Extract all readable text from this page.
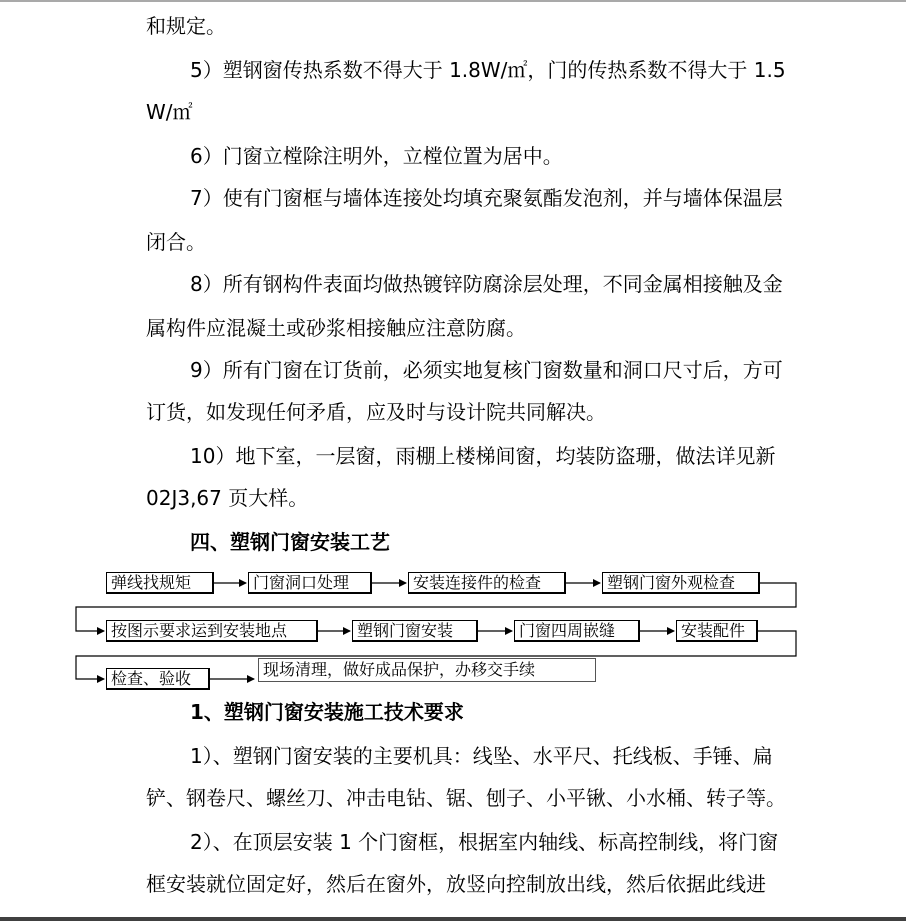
和规定。
5）塑钢窗传热系数不得大于 1.8W/㎡，门的传热系数不得大于 1.5
W/㎡
6）门窗立樘除注明外，立樘位置为居中。
7）使有门窗框与墙体连接处均填充聚氨酯发泡剂，并与墙体保温层
闭合。
8）所有钢构件表面均做热镀锌防腐涂层处理，不同金属相接触及金
属构件应混凝土或砂浆相接触应注意防腐。
9）所有门窗在订货前，必须实地复核门窗数量和洞口尺寸后，方可
订货，如发现任何矛盾，应及时与设计院共同解决。
10）地下室，一层窗，雨棚上楼梯间窗，均装防盗珊，做法详见新
02J3,67 页大样。
四、塑钢门窗安装工艺
弹线找规矩	门窗洞口处理	安装连接件的检查	塑钢门窗外观检查
按图示要求运到安装地点	塑钢门窗安装	门窗四周嵌缝	安装配件
检查、验收	现场清理，做好成品保护，办移交手续
1、塑钢门窗安装施工技术要求
1）、塑钢门窗安装的主要机具：线坠、水平尺、托线板、手锤、扁
铲、钢卷尺、螺丝刀、冲击电钻、锯、刨子、小平锹、小水桶、转子等。
2）、在顶层安装 1 个门窗框，根据室内轴线、标高控制线，将门窗
框安装就位固定好，然后在窗外，放竖向控制放出线，然后依据此线进
